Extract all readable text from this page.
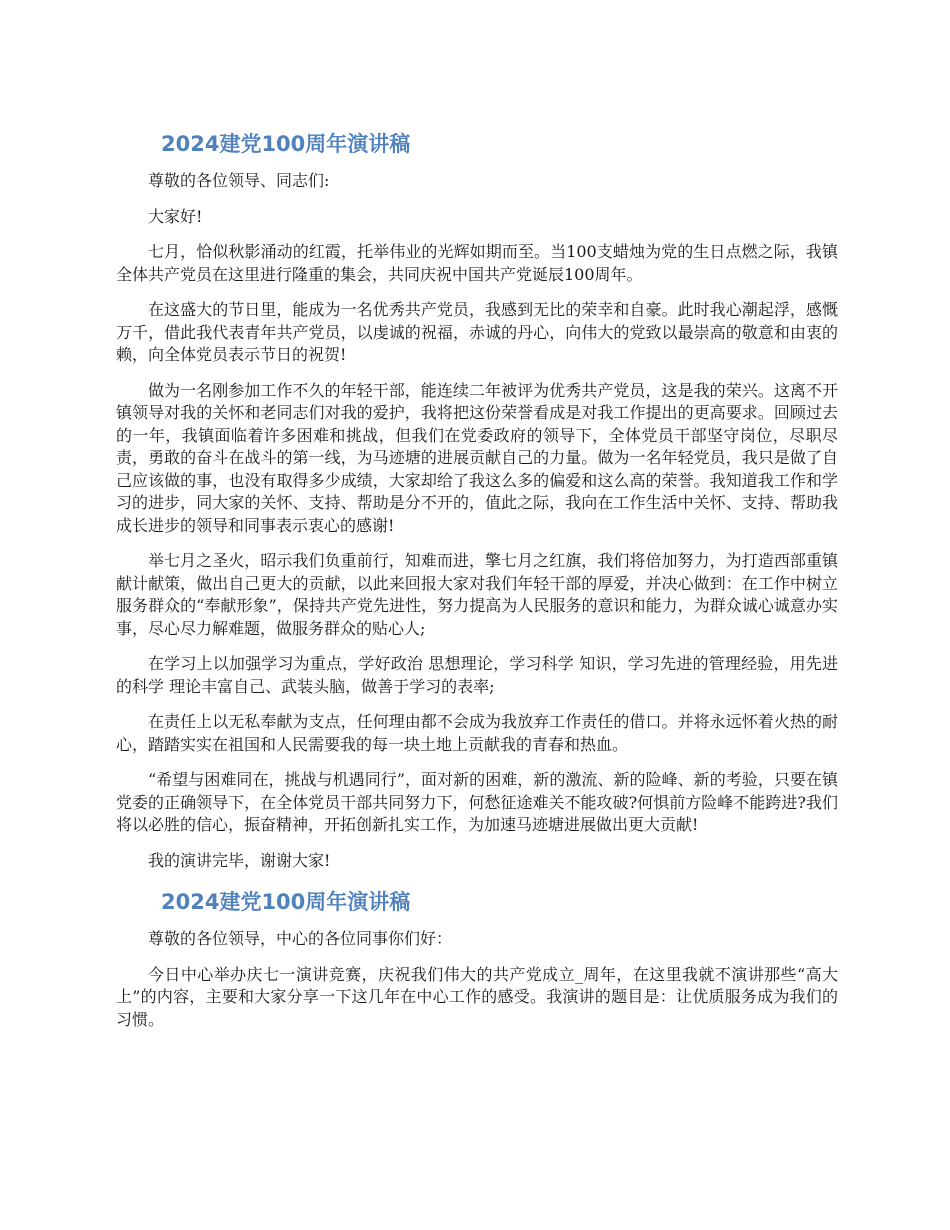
2024建党100周年演讲稿

尊敬的各位领导、同志们:

大家好!

七月，恰似秋影涌动的红霞，托举伟业的光辉如期而至。当100支蜡烛为党的生日点燃之际，我镇全体共产党员在这里进行隆重的集会，共同庆祝中国共产党诞辰100周年。

在这盛大的节日里，能成为一名优秀共产党员，我感到无比的荣幸和自豪。此时我心潮起浮，感慨万千，借此我代表青年共产党员，以虔诚的祝福，赤诚的丹心，向伟大的党致以最崇高的敬意和由衷的赖，向全体党员表示节日的祝贺!

做为一名刚参加工作不久的年轻干部，能连续二年被评为优秀共产党员，这是我的荣兴。这离不开镇领导对我的关怀和老同志们对我的爱护，我将把这份荣誉看成是对我工作提出的更高要求。回顾过去的一年，我镇面临着许多困难和挑战，但我们在党委政府的领导下，全体党员干部坚守岗位，尽职尽责，勇敢的奋斗在战斗的第一线，为马迹塘的进展贡献自己的力量。做为一名年轻党员，我只是做了自己应该做的事，也没有取得多少成绩，大家却给了我这么多的偏爱和这么高的荣誉。我知道我工作和学习的进步，同大家的关怀、支持、帮助是分不开的，值此之际，我向在工作生活中关怀、支持、帮助我成长进步的领导和同事表示衷心的感谢!

举七月之圣火，昭示我们负重前行，知难而进，擎七月之红旗，我们将倍加努力，为打造西部重镇献计献策，做出自己更大的贡献，以此来回报大家对我们年轻干部的厚爱，并决心做到：在工作中树立服务群众的“奉献形象”，保持共产党先进性，努力提高为人民服务的意识和能力，为群众诚心诚意办实事，尽心尽力解难题，做服务群众的贴心人;

在学习上以加强学习为重点，学好政治 思想理论，学习科学 知识，学习先进的管理经验，用先进的科学 理论丰富自己、武装头脑，做善于学习的表率;

在责任上以无私奉献为支点，任何理由都不会成为我放弃工作责任的借口。并将永远怀着火热的耐心，踏踏实实在祖国和人民需要我的每一块土地上贡献我的青春和热血。

“希望与困难同在，挑战与机遇同行”，面对新的困难，新的激流、新的险峰、新的考验，只要在镇党委的正确领导下，在全体党员干部共同努力下，何愁征途难关不能攻破?何惧前方险峰不能跨进?我们将以必胜的信心，振奋精神，开拓创新扎实工作，为加速马迹塘进展做出更大贡献!

我的演讲完毕，谢谢大家!

2024建党100周年演讲稿

尊敬的各位领导，中心的各位同事你们好：

今日中心举办庆七一演讲竞赛，庆祝我们伟大的共产党成立_周年，在这里我就不演讲那些“高大上”的内容，主要和大家分享一下这几年在中心工作的感受。我演讲的题目是：让优质服务成为我们的习惯。
